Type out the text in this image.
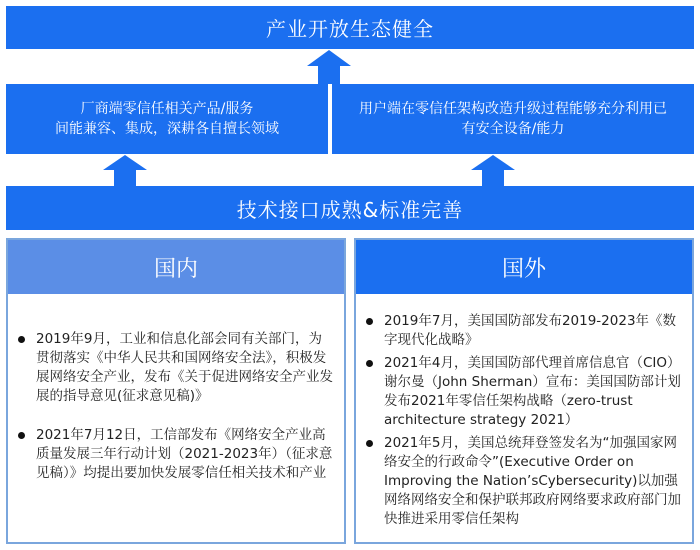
产业开放生态健全
厂商端零信任相关产品/服务
间能兼容、集成，深耕各自擅长领域
用户端在零信任架构改造升级过程能够充分利用已
有安全设备/能力
技术接口成熟&标准完善
国内
2019年9月，工业和信息化部会同有关部门，为贯彻落实《中华人民共和国网络安全法》，积极发展网络安全产业，发布《关于促进网络安全产业发展的指导意见(征求意见稿)》
2021年7月12日，工信部发布《网络安全产业高质量发展三年行动计划（2021-2023年）（征求意见稿）》均提出要加快发展零信任相关技术和产业
国外
2019年7月，美国国防部发布2019-2023年《数字现代化战略》
2021年4月，美国国防部代理首席信息官（CIO）谢尔曼（John Sherman）宣布：美国国防部计划发布2021年零信任架构战略（zero-trust architecture strategy 2021）
2021年5月，美国总统拜登签发名为“加强国家网络安全的行政命令”(Executive Order on Improving the Nation’sCybersecurity)以加强网络网络安全和保护联邦政府网络要求政府部门加快推进采用零信任架构
